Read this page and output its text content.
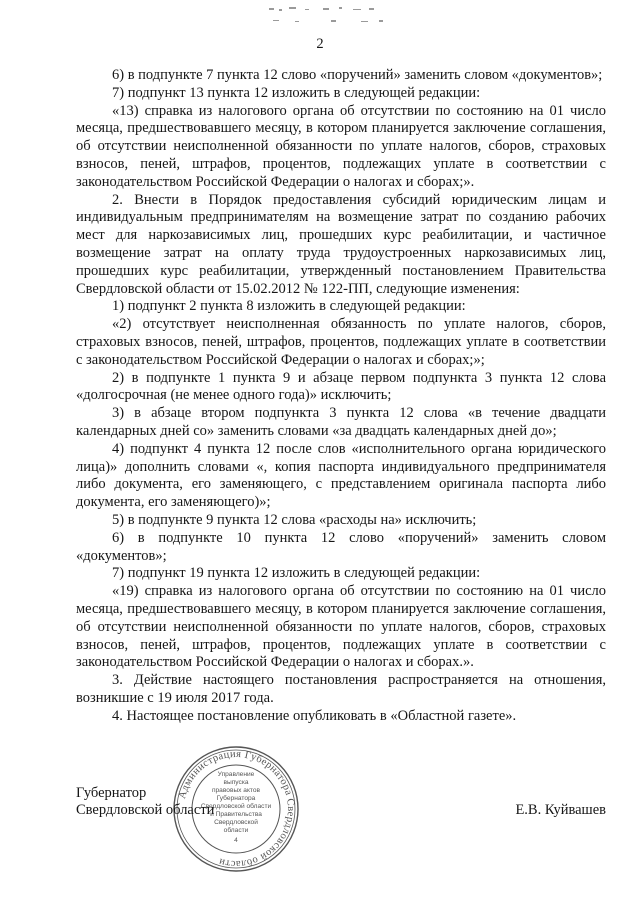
2

6) в подпункте 7 пункта 12 слово «поручений» заменить словом «документов»;

7) подпункт 13 пункта 12 изложить в следующей редакции:

«13) справка из налогового органа об отсутствии по состоянию на 01 число месяца, предшествовавшего месяцу, в котором планируется заключение соглашения, об отсутствии неисполненной обязанности по уплате налогов, сборов, страховых взносов, пеней, штрафов, процентов, подлежащих уплате в соответствии с законодательством Российской Федерации о налогах и сборах;».

2. Внести в Порядок предоставления субсидий юридическим лицам и индивидуальным предпринимателям на возмещение затрат по созданию рабочих мест для наркозависимых лиц, прошедших курс реабилитации, и частичное возмещение затрат на оплату труда трудоустроенных наркозависимых лиц, прошедших курс реабилитации, утвержденный постановлением Правительства Свердловской области от 15.02.2012 № 122-ПП, следующие изменения:

1) подпункт 2 пункта 8 изложить в следующей редакции:

«2) отсутствует неисполненная обязанность по уплате налогов, сборов, страховых взносов, пеней, штрафов, процентов, подлежащих уплате в соответствии с законодательством Российской Федерации о налогах и сборах;»;

2) в подпункте 1 пункта 9 и абзаце первом подпункта 3 пункта 12 слова «долгосрочная (не менее одного года)» исключить;

3) в абзаце втором подпункта 3 пункта 12 слова «в течение двадцати календарных дней со» заменить словами «за двадцать календарных дней до»;

4) подпункт 4 пункта 12 после слов «исполнительного органа юридического лица)» дополнить словами «, копия паспорта индивидуального предпринимателя либо документа, его заменяющего, с представлением оригинала паспорта либо документа, его заменяющего)»;

5) в подпункте 9 пункта 12 слова «расходы на» исключить;

6) в подпункте 10 пункта 12 слово «поручений» заменить словом «документов»;

7) подпункт 19 пункта 12 изложить в следующей редакции:

«19) справка из налогового органа об отсутствии по состоянию на 01 число месяца, предшествовавшего месяцу, в котором планируется заключение соглашения, об отсутствии неисполненной обязанности по уплате налогов, сборов, страховых взносов, пеней, штрафов, процентов, подлежащих уплате в соответствии с законодательством Российской Федерации о налогах и сборах.».

3. Действие настоящего постановления распространяется на отношения, возникшие с 19 июля 2017 года.

4. Настоящее постановление опубликовать в «Областной газете».

Администрация Губернатора Свердловской области
Управление
выпуска
правовых актов
Губернатора
Свердловской области
и Правительства
Свердловской
области
4
Губернатор
Свердловской области	Е.В. Куйвашев
